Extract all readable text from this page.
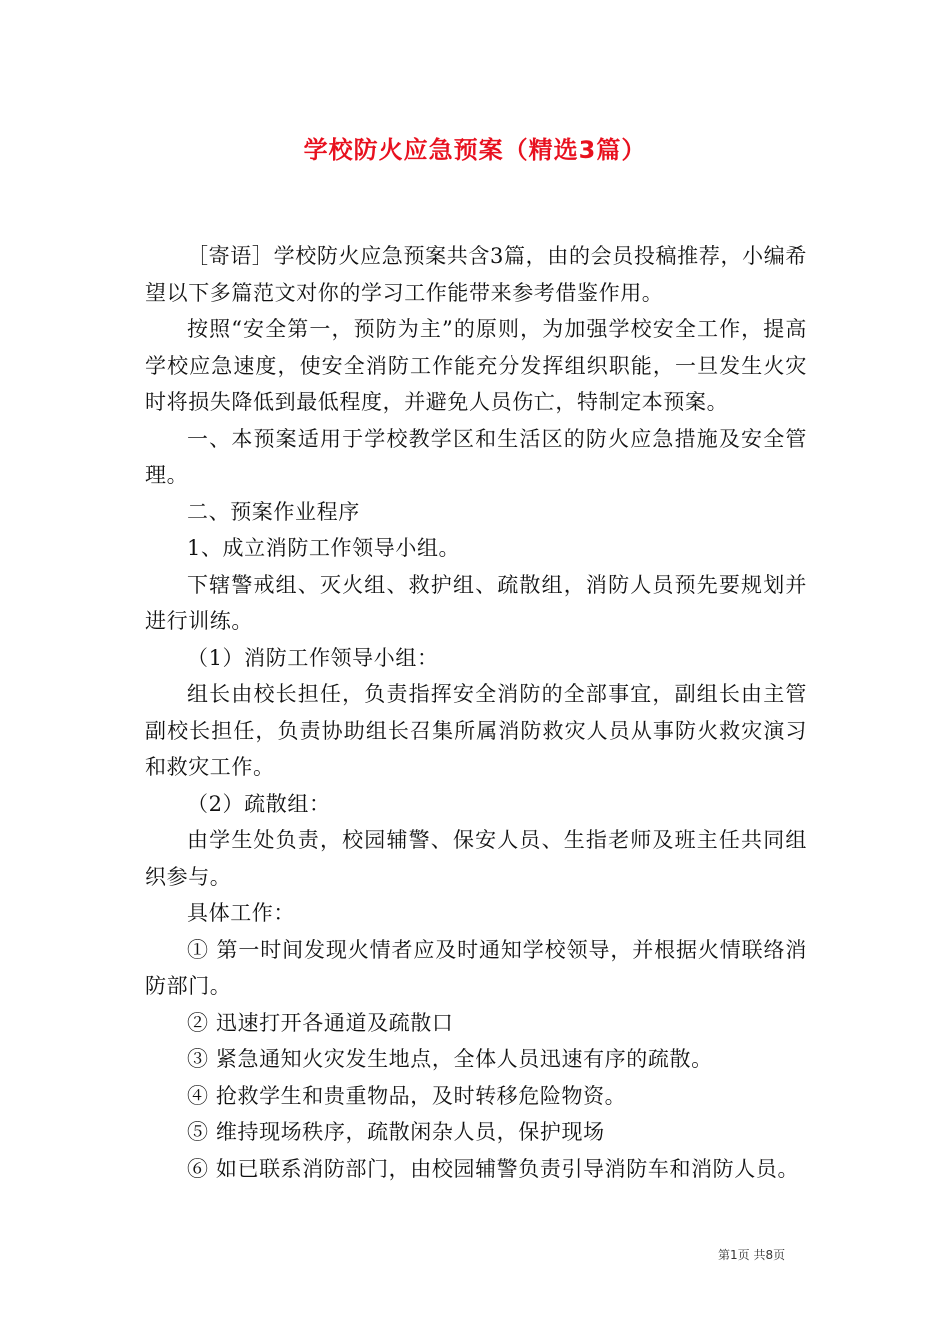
学校防火应急预案（精选3篇）

［寄语］学校防火应急预案共含3篇，由的会员投稿推荐，小编希望以下多篇范文对你的学习工作能带来参考借鉴作用。

按照“安全第一，预防为主”的原则，为加强学校安全工作，提高学校应急速度，使安全消防工作能充分发挥组织职能，一旦发生火灾时将损失降低到最低程度，并避免人员伤亡，特制定本预案。

一、本预案适用于学校教学区和生活区的防火应急措施及安全管理。

二、预案作业程序

1、成立消防工作领导小组。

下辖警戒组、灭火组、救护组、疏散组，消防人员预先要规划并进行训练。

（1）消防工作领导小组：

组长由校长担任，负责指挥安全消防的全部事宜，副组长由主管副校长担任，负责协助组长召集所属消防救灾人员从事防火救灾演习和救灾工作。

（2）疏散组：

由学生处负责，校园辅警、保安人员、生指老师及班主任共同组织参与。

具体工作：

① 第一时间发现火情者应及时通知学校领导，并根据火情联络消防部门。

② 迅速打开各通道及疏散口

③ 紧急通知火灾发生地点，全体人员迅速有序的疏散。

④ 抢救学生和贵重物品，及时转移危险物资。

⑤ 维持现场秩序，疏散闲杂人员，保护现场

⑥ 如已联系消防部门，由校园辅警负责引导消防车和消防人员。

第1页 共8页
